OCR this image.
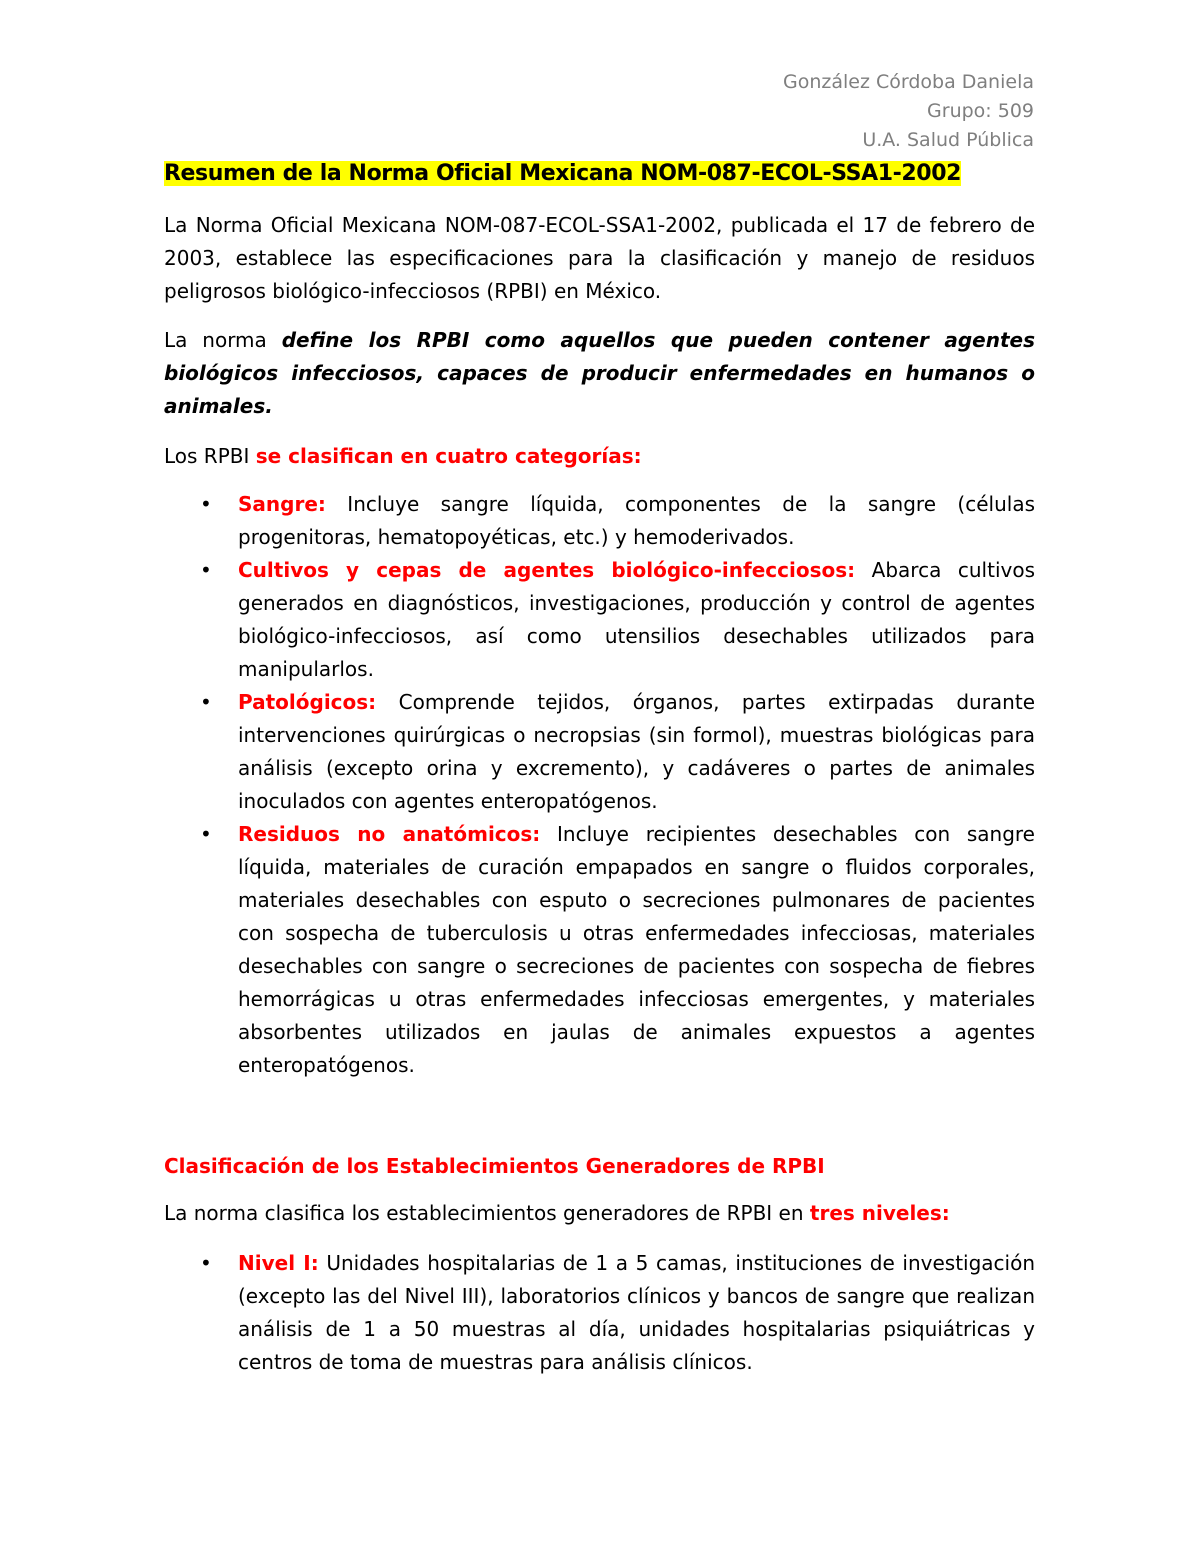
González Córdoba Daniela
Grupo: 509
U.A. Salud Pública
Resumen de la Norma Oficial Mexicana NOM-087-ECOL-SSA1-2002

La Norma Oficial Mexicana NOM-087-ECOL-SSA1-2002, publicada el 17 de febrero de 2003, establece las especificaciones para la clasificación y manejo de residuos peligrosos biológico-infecciosos (RPBI) en México.

La norma define los RPBI como aquellos que pueden contener agentes biológicos infecciosos, capaces de producir enfermedades en humanos o animales.

Los RPBI se clasifican en cuatro categorías:

• Sangre: Incluye sangre líquida, componentes de la sangre (células progenitoras, hematopoyéticas, etc.) y hemoderivados.
• Cultivos y cepas de agentes biológico-infecciosos: Abarca cultivos generados en diagnósticos, investigaciones, producción y control de agentes biológico-infecciosos, así como utensilios desechables utilizados para manipularlos.
• Patológicos: Comprende tejidos, órganos, partes extirpadas durante intervenciones quirúrgicas o necropsias (sin formol), muestras biológicas para análisis (excepto orina y excremento), y cadáveres o partes de animales inoculados con agentes enteropatógenos.
• Residuos no anatómicos: Incluye recipientes desechables con sangre líquida, materiales de curación empapados en sangre o fluidos corporales, materiales desechables con esputo o secreciones pulmonares de pacientes con sospecha de tuberculosis u otras enfermedades infecciosas, materiales desechables con sangre o secreciones de pacientes con sospecha de fiebres hemorrágicas u otras enfermedades infecciosas emergentes, y materiales absorbentes utilizados en jaulas de animales expuestos a agentes enteropatógenos.
Clasificación de los Establecimientos Generadores de RPBI

La norma clasifica los establecimientos generadores de RPBI en tres niveles:

• Nivel I: Unidades hospitalarias de 1 a 5 camas, instituciones de investigación (excepto las del Nivel III), laboratorios clínicos y bancos de sangre que realizan análisis de 1 a 50 muestras al día, unidades hospitalarias psiquiátricas y centros de toma de muestras para análisis clínicos.
